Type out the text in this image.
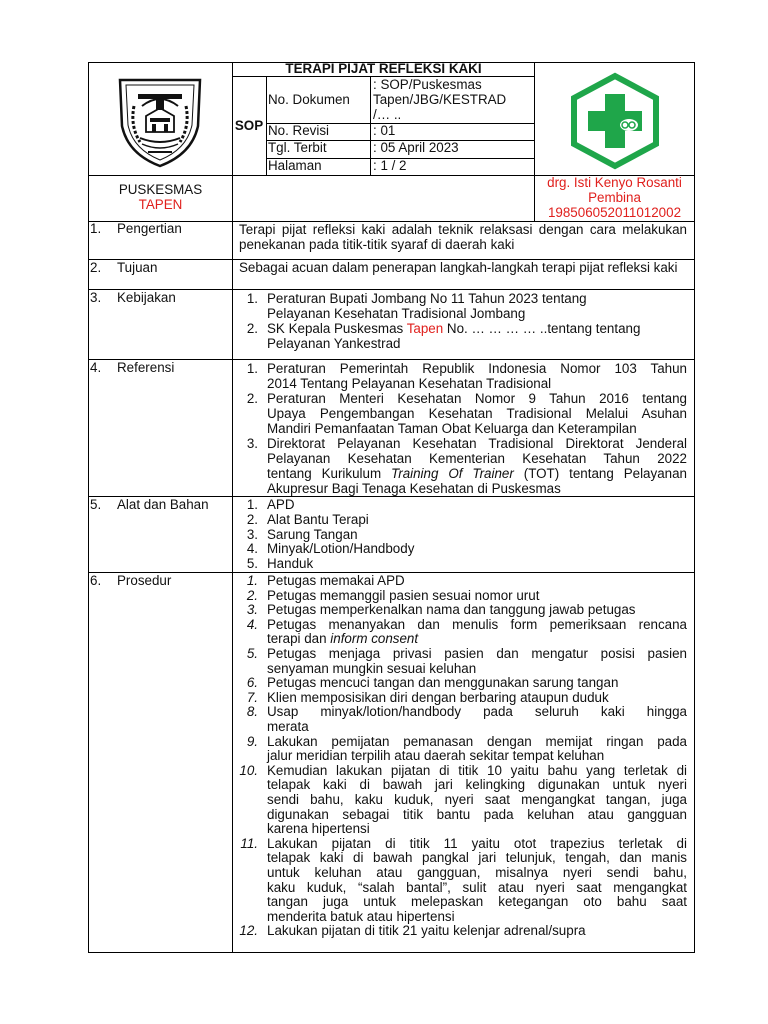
TERAPI PIJAT REFLEKSI KAKI
SOP
No. Dokumen
: SOP/Puskesmas
Tapen/JBG/KESTRAD
/… ..
No. Revisi	: 01
Tgl. Terbit	: 05 April 2023
Halaman	: 1 / 2
PUSKESMAS
TAPEN
drg. Isti Kenyo Rosanti
Pembina
198506052011012002
1. Pengertian	Terapi pijat refleksi kaki adalah teknik relaksasi dengan cara melakukan penekanan pada titik-titik syaraf di daerah kaki
2. Tujuan	Sebagai acuan dalam penerapan langkah-langkah terapi pijat refleksi kaki
3. Kebijakan	1. Peraturan Bupati Jombang No 11 Tahun 2023 tentang
Pelayanan Kesehatan Tradisional Jombang
2. SK Kepala Puskesmas Tapen No. … … … … ..tentang tentang
Pelayanan Yankestrad
4. Referensi	1. Peraturan Pemerintah Republik Indonesia Nomor 103 Tahun
2014 Tentang Pelayanan Kesehatan Tradisional
2. Peraturan Menteri Kesehatan Nomor 9 Tahun 2016 tentang
Upaya Pengembangan Kesehatan Tradisional Melalui Asuhan
Mandiri Pemanfaatan Taman Obat Keluarga dan Keterampilan
3. Direktorat Pelayanan Kesehatan Tradisional Direktorat Jenderal
Pelayanan Kesehatan Kementerian Kesehatan Tahun 2022
tentang Kurikulum Training Of Trainer (TOT) tentang Pelayanan
Akupresur Bagi Tenaga Kesehatan di Puskesmas
5. Alat dan Bahan	1. APD
2. Alat Bantu Terapi
3. Sarung Tangan
4. Minyak/Lotion/Handbody
5. Handuk
6. Prosedur	1. Petugas memakai APD
2. Petugas memanggil pasien sesuai nomor urut
3. Petugas memperkenalkan nama dan tanggung jawab petugas
4. Petugas menanyakan dan menulis form pemeriksaan rencana
terapi dan inform consent
5. Petugas menjaga privasi pasien dan mengatur posisi pasien
senyaman mungkin sesuai keluhan
6. Petugas mencuci tangan dan menggunakan sarung tangan
7. Klien memposisikan diri dengan berbaring ataupun duduk
8. Usap minyak/lotion/handbody pada seluruh kaki hingga
merata
9. Lakukan pemijatan pemanasan dengan memijat ringan pada
jalur meridian terpilih atau daerah sekitar tempat keluhan
10. Kemudian lakukan pijatan di titik 10 yaitu bahu yang terletak di
telapak kaki di bawah jari kelingking digunakan untuk nyeri
sendi bahu, kaku kuduk, nyeri saat mengangkat tangan, juga
digunakan sebagai titik bantu pada keluhan atau gangguan
karena hipertensi
11. Lakukan pijatan di titik 11 yaitu otot trapezius terletak di
telapak kaki di bawah pangkal jari telunjuk, tengah, dan manis
untuk keluhan atau gangguan, misalnya nyeri sendi bahu,
kaku kuduk, “salah bantal”, sulit atau nyeri saat mengangkat
tangan juga untuk melepaskan ketegangan oto bahu saat
menderita batuk atau hipertensi
12. Lakukan pijatan di titik 21 yaitu kelenjar adrenal/supra
